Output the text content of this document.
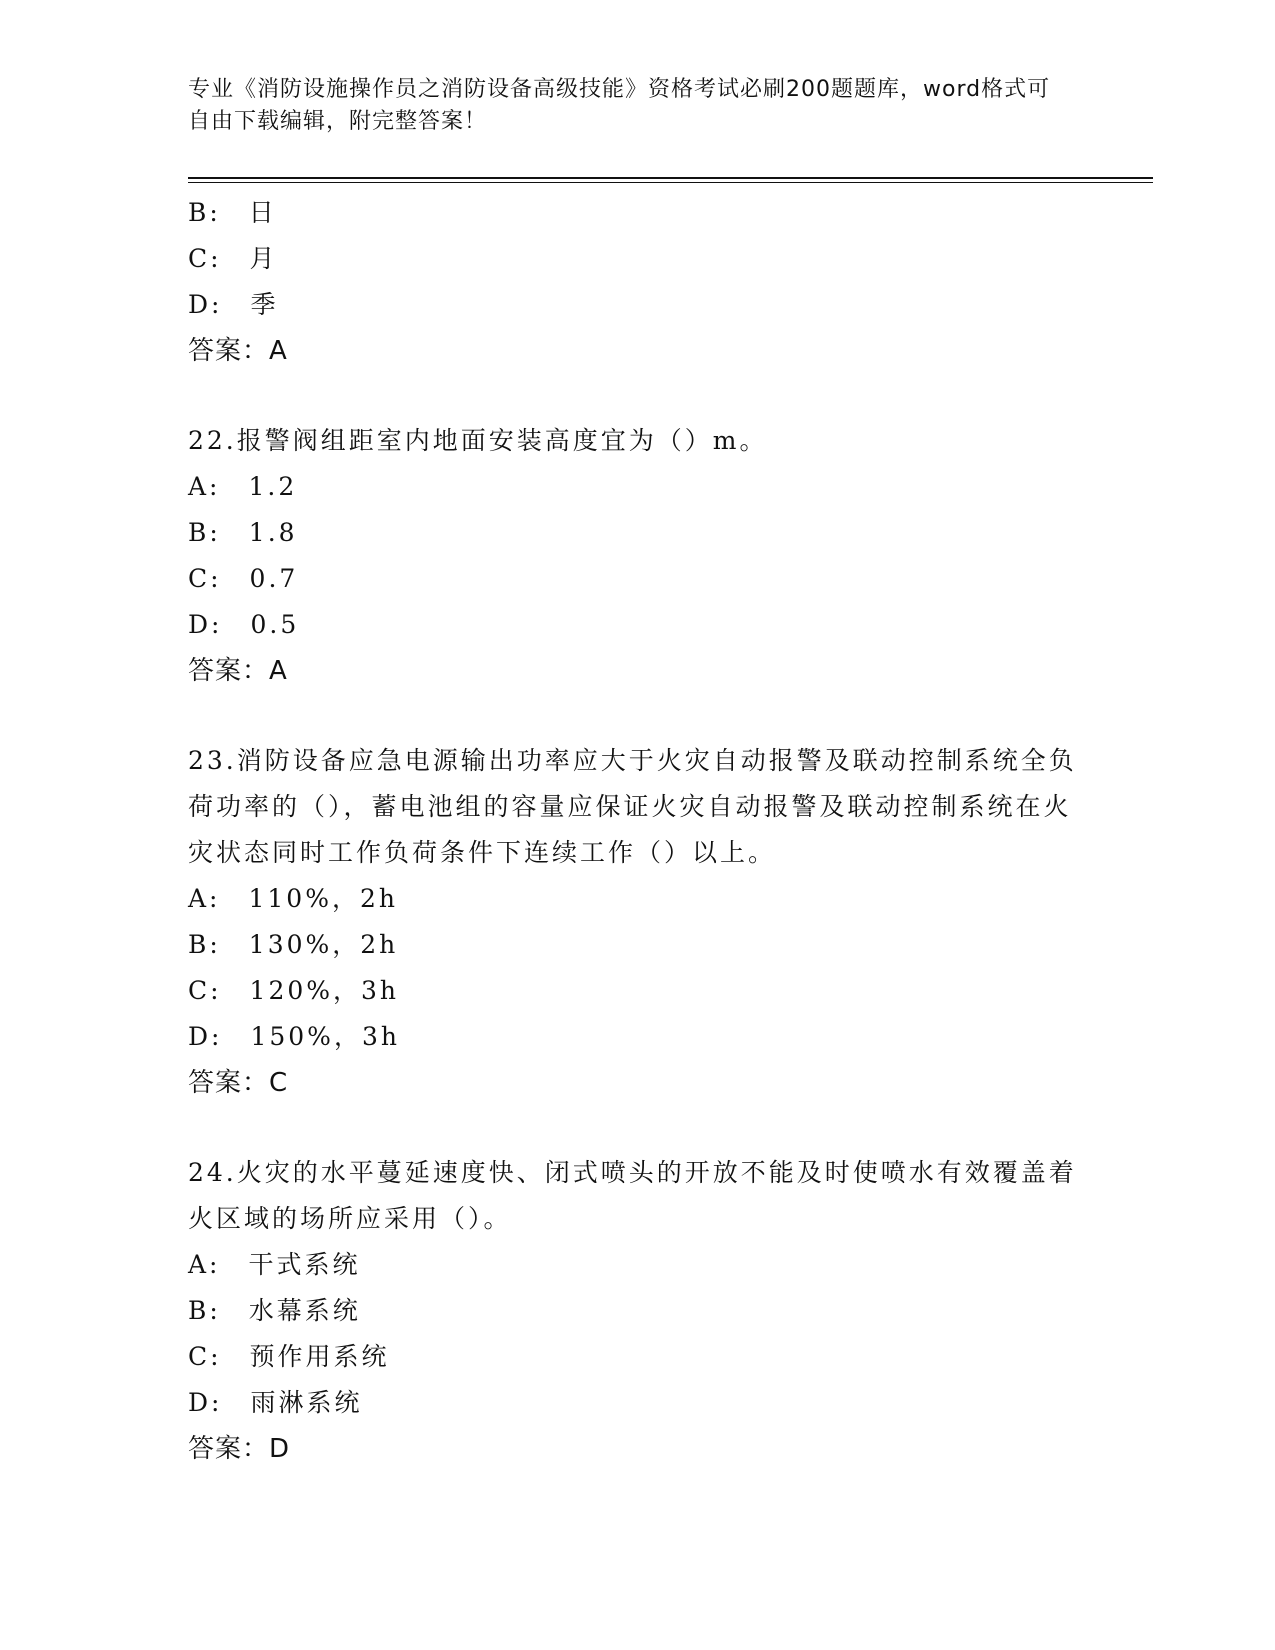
专业《消防设施操作员之消防设备高级技能》资格考试必刷200题题库，word格式可自由下载编辑，附完整答案！
B:　日
C:　月
D:　季
答案：A
22.报警阀组距室内地面安装高度宜为（）m。
A:　1.2
B:　1.8
C:　0.7
D:　0.5
答案：A
23.消防设备应急电源输出功率应大于火灾自动报警及联动控制系统全负荷功率的（），蓄电池组的容量应保证火灾自动报警及联动控制系统在火灾状态同时工作负荷条件下连续工作（）以上。
A:　110%，2h
B:　130%，2h
C:　120%，3h
D:　150%，3h
答案：C
24.火灾的水平蔓延速度快、闭式喷头的开放不能及时使喷水有效覆盖着火区域的场所应采用（）。
A:　干式系统
B:　水幕系统
C:　预作用系统
D:　雨淋系统
答案：D
